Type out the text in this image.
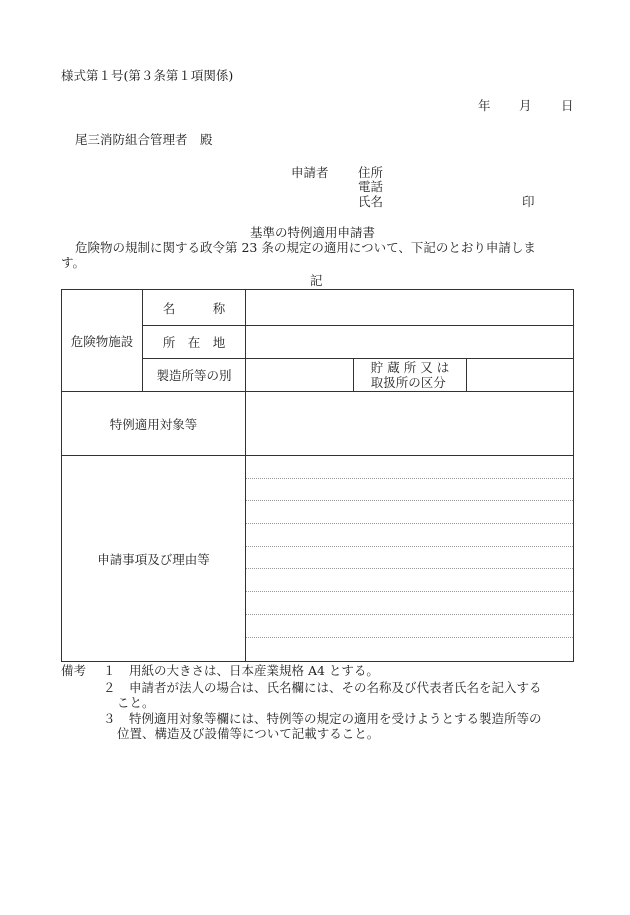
様式第１号(第３条第１項関係)
年 月 日
尾三消防組合管理者　殿
申請者 住所
電話
氏名	印
基準の特例適用申請書
危険物の規制に関する政令第 23 条の規定の適用について、下記のとおり申請しま
す。
記
危険物施設	名　　　称			
	所　在　地			
	製造所等の別		貯 蔵 所 又 は
取扱所の区分	
特例適用対象等				
申請事項及び理由等				
備考 １ 用紙の大きさは、日本産業規格 A4 とする。
２ 申請者が法人の場合は、氏名欄には、その名称及び代表者氏名を記入する
こと。
３ 特例適用対象等欄には、特例等の規定の適用を受けようとする製造所等の
位置、構造及び設備等について記載すること。
